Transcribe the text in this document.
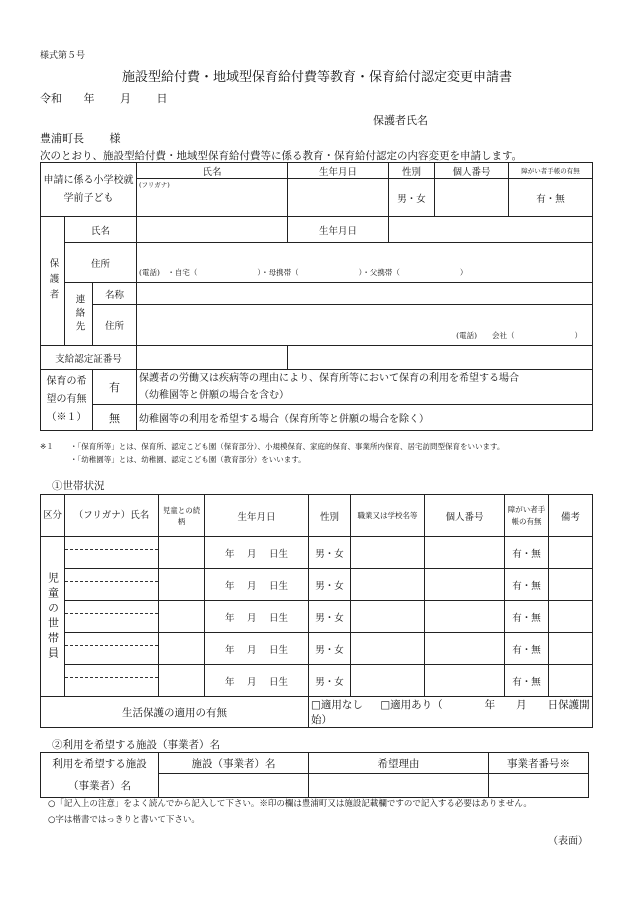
様式第５号
施設型給付費・地域型保育給付費等教育・保育給付認定変更申請書
令和 年 月 日
保護者氏名
豊浦町長 様
次のとおり、施設型給付費・地域型保育給付費等に係る教育・保育給付認定の内容変更を申請します。
申請に係る小学校就学前子ども			氏名	生年月日	性別	個人番号	障がい者手帳の有無
			(フリガナ)		男・女		有・無
保護者	氏名			生年月日			
	住所		(電話)　・自宅（　　　　　　　　）・母携帯（　　　　　　　　）・父携帯（　　　　　　　　）				
	連絡先	名称					
		住所	(電話)　　会社（　　　　　　　　）				

支給認定証番号							
保育の希望の有無（※１）		有	保護者の労働又は疾病等の理由により、保育所等において保育の利用を希望する場合
（幼稚園等と併願の場合を含む）				

		無	幼稚園等の利用を希望する場合（保育所等と併願の場合を除く）				
※１ ・「保育所等」とは、保育所、認定こども園（保育部分）、小規模保育、家庭的保育、事業所内保育、居宅訪問型保育をいいます。
・「幼稚園等」とは、幼稚園、認定こども園（教育部分）をいいます。
①世帯状況
区分	（フリガナ）氏名	児童との続柄	生年月日	性別	職業又は学校名等	個人番号	障がい者手帳の有無	備考
児童の世帯員			年　 月　 日生	男・女			有・無	

			年　 月　 日生	男・女			有・無	

			年　 月　 日生	男・女			有・無	

			年　 月　 日生	男・女			有・無	

			年　 月　 日生	男・女			有・無	
生活保護の適用の有無				□適用なし □適用あり（　　　　年　　月　　日保護開始）				
②利用を希望する施設（事業者）名
利用を希望する施設（事業者）名	施設（事業者）名	希望理由	事業者番号※

○「記入上の注意」をよく読んでから記入して下さい。※印の欄は豊浦町又は施設記載欄ですので記入する必要はありません。
○字は楷書ではっきりと書いて下さい。
（表面）
